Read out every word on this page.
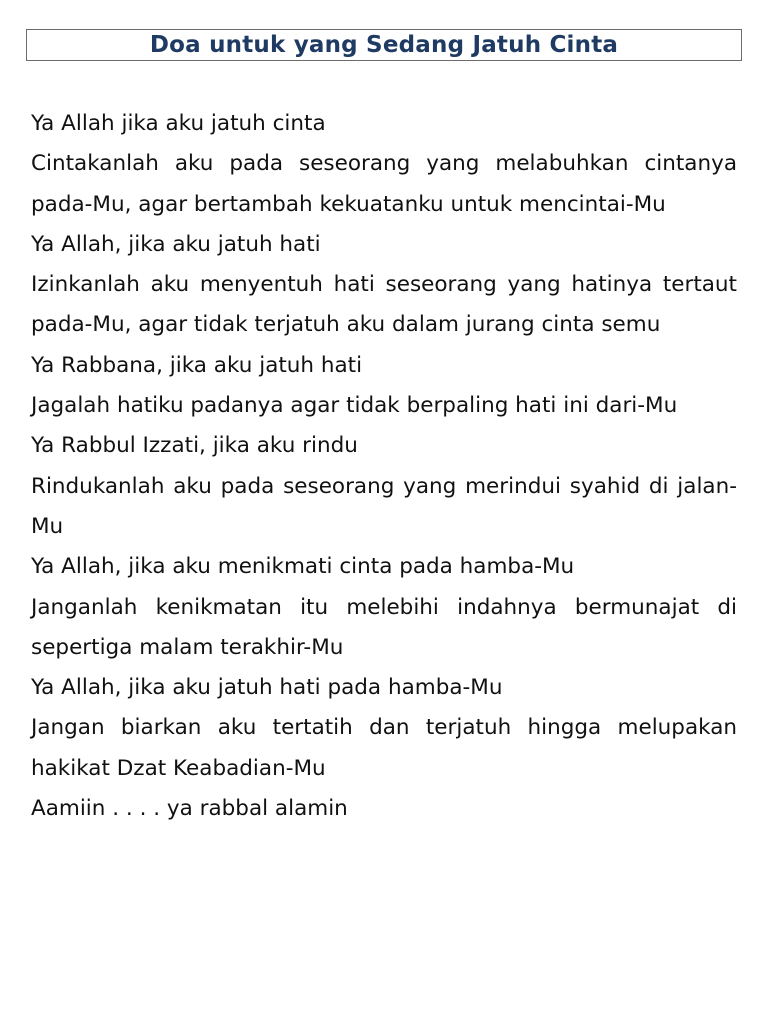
Doa untuk yang Sedang Jatuh Cinta

Ya Allah jika aku jatuh cinta

Cintakanlah aku pada seseorang yang melabuhkan cintanya pada-Mu, agar bertambah kekuatanku untuk mencintai-Mu

Ya Allah, jika aku jatuh hati

Izinkanlah aku menyentuh hati seseorang yang hatinya tertaut pada-Mu, agar tidak terjatuh aku dalam jurang cinta semu

Ya Rabbana, jika aku jatuh hati

Jagalah hatiku padanya agar tidak berpaling hati ini dari-Mu

Ya Rabbul Izzati, jika aku rindu

Rindukanlah aku pada seseorang yang merindui syahid di jalan-Mu

Ya Allah, jika aku menikmati cinta pada hamba-Mu

Janganlah kenikmatan itu melebihi indahnya bermunajat di sepertiga malam terakhir-Mu

Ya Allah, jika aku jatuh hati pada hamba-Mu

Jangan biarkan aku tertatih dan terjatuh hingga melupakan hakikat Dzat Keabadian-Mu

Aamiin . . . . ya rabbal alamin
